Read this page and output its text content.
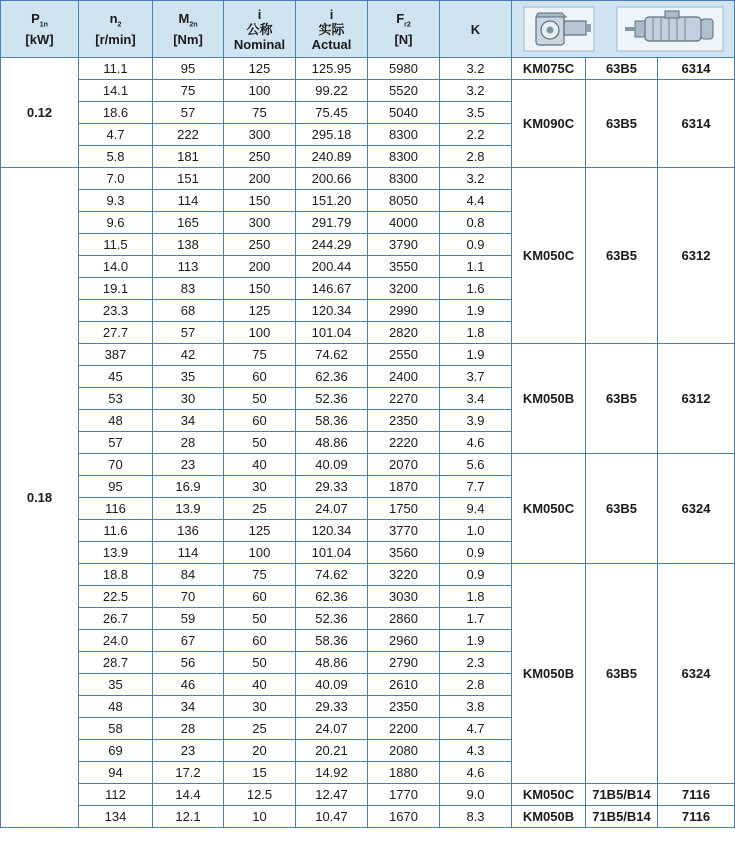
$P_{1n}$
[kW]	$n_2$
[r/min]	$M_{2n}$
[Nm]	i
公称
Nominal	i
实际
Actual	$F_{r2}$
[N]	K	

0.12	11.1	95	125	125.95	5980	3.2	KM075C	63B5	6314
	14.1	75	100	99.22	5520	3.2	KM090C	63B5	6314
	18.6	57	75	75.45	5040	3.5			
	4.7	222	300	295.18	8300	2.2			
	5.8	181	250	240.89	8300	2.8			
0.18	7.0	151	200	200.66	8300	3.2	KM050C	63B5	6312
	9.3	114	150	151.20	8050	4.4			
	9.6	165	300	291.79	4000	0.8			
	11.5	138	250	244.29	3790	0.9			
	14.0	113	200	200.44	3550	1.1			
	19.1	83	150	146.67	3200	1.6			
	23.3	68	125	120.34	2990	1.9			
	27.7	57	100	101.04	2820	1.8			
	387	42	75	74.62	2550	1.9	KM050B	63B5	6312
	45	35	60	62.36	2400	3.7			
	53	30	50	52.36	2270	3.4			
	48	34	60	58.36	2350	3.9			
	57	28	50	48.86	2220	4.6			
	70	23	40	40.09	2070	5.6	KM050C	63B5	6324
	95	16.9	30	29.33	1870	7.7			
	116	13.9	25	24.07	1750	9.4			
	11.6	136	125	120.34	3770	1.0			
	13.9	114	100	101.04	3560	0.9			
	18.8	84	75	74.62	3220	0.9	KM050B	63B5	6324
	22.5	70	60	62.36	3030	1.8			
	26.7	59	50	52.36	2860	1.7			
	24.0	67	60	58.36	2960	1.9			
	28.7	56	50	48.86	2790	2.3			
	35	46	40	40.09	2610	2.8			
	48	34	30	29.33	2350	3.8			
	58	28	25	24.07	2200	4.7			
	69	23	20	20.21	2080	4.3			
	94	17.2	15	14.92	1880	4.6			
	112	14.4	12.5	12.47	1770	9.0	KM050C	71B5/B14	7116
	134	12.1	10	10.47	1670	8.3	KM050B	71B5/B14	7116
